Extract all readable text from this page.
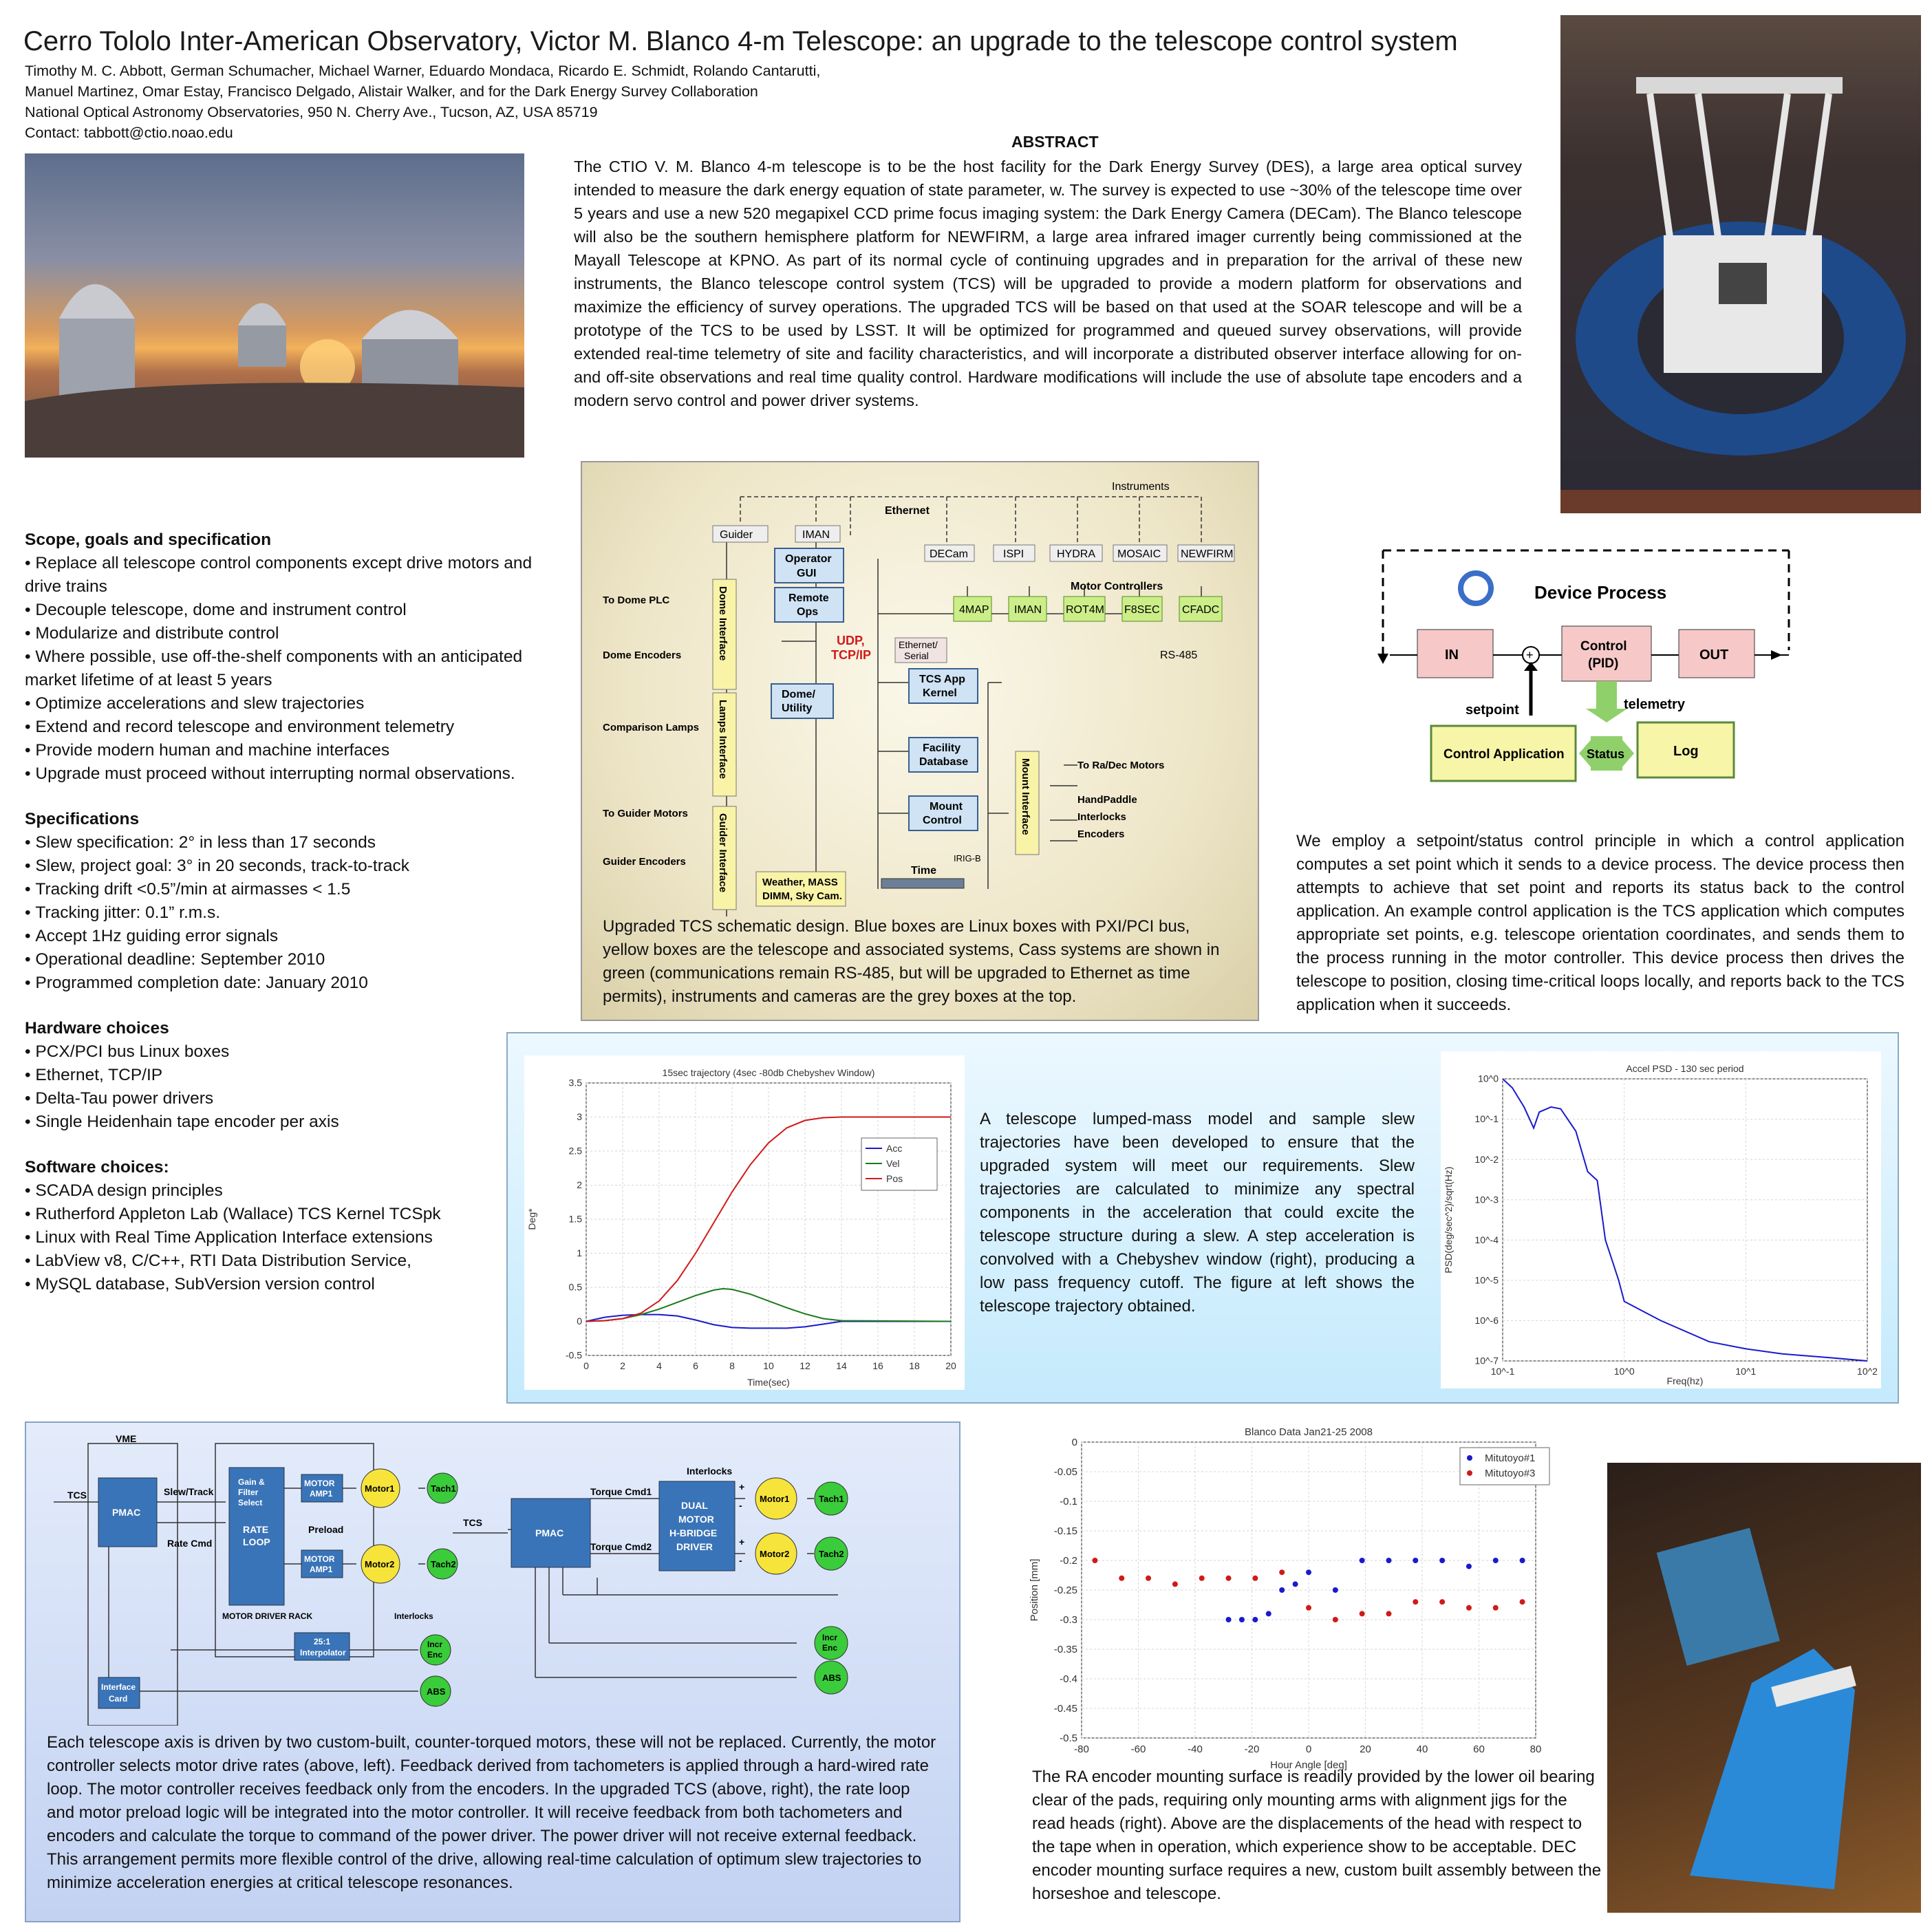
Cerro Tololo Inter-American Observatory, Victor M. Blanco 4-m Telescope: an upgrade to the telescope control system
Timothy M. C. Abbott, German Schumacher, Michael Warner, Eduardo Mondaca, Ricardo E. Schmidt, Rolando Cantarutti,
Manuel Martinez, Omar Estay, Francisco Delgado, Alistair Walker, and for the Dark Energy Survey Collaboration
National Optical Astronomy Observatories, 950 N. Cherry Ave., Tucson, AZ, USA 85719
Contact: tabbott@ctio.noao.edu	ABSTRACT
The CTIO V. M. Blanco 4-m telescope is to be the host facility for the Dark Energy Survey (DES), a large area optical survey intended to measure the dark energy equation of state parameter, w. The survey is expected to use ~30% of the telescope time over 5 years and use a new 520 megapixel CCD prime focus imaging system: the Dark Energy Camera (DECam). The Blanco telescope will also be the southern hemisphere platform for NEWFIRM, a large area infrared imager currently being commissioned at the Mayall Telescope at KPNO. As part of its normal cycle of continuing upgrades and in preparation for the arrival of these new instruments, the Blanco telescope control system (TCS) will be upgraded to provide a modern platform for observations and maximize the efficiency of survey operations. The upgraded TCS will be based on that used at the SOAR telescope and will be a prototype of the TCS to be used by LSST. It will be optimized for programmed and queued survey observations, will provide extended real-time telemetry of site and facility characteristics, and will incorporate a distributed observer interface allowing for on- and off-site observations and real time quality control. Hardware modifications will include the use of absolute tape encoders and a modern servo control and power driver systems.
Scope, goals and specification
• Replace all telescope control components except drive motors and drive trains
• Decouple telescope, dome and instrument control
• Modularize and distribute control
• Where possible, use off-the-shelf components with an anticipated market lifetime of at least 5 years
• Optimize accelerations and slew trajectories
• Extend and record telescope and environment telemetry
• Provide modern human and machine interfaces
• Upgrade must proceed without interrupting normal observations.
Specifications
• Slew specification: 2° in less than 17 seconds
• Slew, project goal: 3° in 20 seconds, track-to-track
• Tracking drift <0.5”/min at airmasses < 1.5
• Tracking jitter: 0.1” r.m.s.
• Accept 1Hz guiding error signals
• Operational deadline: September 2010
• Programmed completion date: January 2010
Hardware choices
• PCX/PCI bus Linux boxes
• Ethernet, TCP/IP
• Delta-Tau power drivers
• Single Heidenhain tape encoder per axis
Software choices:
• SCADA design principles
• Rutherford Appleton Lab (Wallace) TCS Kernel TCSpk
• Linux with Real Time Application Interface extensions
• LabView v8, C/C++, RTI Data Distribution Service,
• MySQL database, SubVersion version control
Instruments
Ethernet
Guider	IMAN
Operator
GUI
Remote
Ops
UDP,
TCP/IP
Dome/
Utility
TCS App
Kernel
Facility
Database
Mount
Control
Time
IRIG-B
Weather, MASS
DIMM, Sky Cam.
DECam	ISPI	HYDRA MOSAIC NEWFIRM
Motor Controllers
4MAP IMAN ROT4M F8SEC CFADC
Ethernet/
Serial	RS-485
Dome Interface
Lamps Interface
Guider Interface
Mount Interface
To Dome PLC
Dome Encoders
Comparison Lamps
To Guider Motors
Guider Encoders
To Ra/Dec Motors
HandPaddle
Interlocks
Encoders
Upgraded TCS schematic design. Blue boxes are Linux boxes with PXI/PCI bus, yellow boxes are the telescope and associated systems, Cass systems are shown in green (communications remain RS-485, but will be upgraded to Ethernet as time permits), instruments and cameras are the grey boxes at the top.
Device Process
IN	+
Control
(PID)
OUT
setpoint	telemetry
Control Application Status	Log
We employ a setpoint/status control principle in which a control application computes a set point which it sends to a device process. The device process then attempts to achieve that set point and reports its status back to the control application. An example control application is the TCS application which computes appropriate set points, e.g. telescope orientation coordinates, and sends them to the process running in the motor controller. This device process then drives the telescope to position, closing time-critical loops locally, and reports back to the TCS application when it succeeds.
15sec trajectory (4sec -80db Chebyshev Window)
Time(sec)
Deg*
0	2	4	6	8	10	12	14	16	18	20
-0.5
0
0.5
1
1.5
2
2.5
3
3.5
Acc
Vel
Pos
A telescope lumped-mass model and sample slew trajectories have been developed to ensure that the upgraded system will meet our requirements. Slew trajectories are calculated to minimize any spectral components in the acceleration that could excite the telescope structure during a slew. A step acceleration is convolved with a Chebyshev window (right), producing a low pass frequency cutoff. The figure at left shows the telescope trajectory obtained.
Accel PSD - 130 sec period
Freq(hz)
PSD(deg/sec^2)/sqrt(Hz)
10^-1	10^0	10^1	10^2
10^0
10^-1
10^-2
10^-3
10^-4
10^-5
10^-6
10^-7
VME
Slew/Track
TCS
PMAC
Rate Cmd
Gain &
Filter
Select
RATE
LOOP
MOTOR
AMP1
Preload
MOTOR
AMP1
Motor1
Motor2
Tach1
Tach2
MOTOR DRIVER RACK	Interlocks
25:1
Interpolator
Incr
Enc
ABS
Interface
Card
Interlocks
TCS
PMAC
Torque Cmd1
Torque Cmd2
DUAL
MOTOR
H-BRIDGE
DRIVER
+
-
+
-
Motor1
Motor2
Tach1
Tach2
Incr
Enc
ABS
Each telescope axis is driven by two custom-built, counter-torqued motors, these will not be replaced. Currently, the motor controller selects motor drive rates (above, left). Feedback derived from tachometers is applied through a hard-wired rate loop. The motor controller receives feedback only from the encoders. In the upgraded TCS (above, right), the rate loop and motor preload logic will be integrated into the motor controller. It will receive feedback from both tachometers and encoders and calculate the torque to command of the power driver. The power driver will not receive external feedback. This arrangement permits more flexible control of the drive, allowing real-time calculation of optimum slew trajectories to minimize acceleration energies at critical telescope resonances.
Blanco Data Jan21-25 2008
Hour Angle [deg]
Position [mm]
-80	-60	-40	-20	0	20	40	60	80
0
-0.05
-0.1
-0.15
-0.2
-0.25
-0.3
-0.35
-0.4
-0.45
-0.5
Mitutoyo#1
Mitutoyo#3
The RA encoder mounting surface is readily provided by the lower oil bearing clear of the pads, requiring only mounting arms with alignment jigs for the read heads (right). Above are the displacements of the head with respect to the tape when in operation, which experience show to be acceptable. DEC encoder mounting surface requires a new, custom built assembly between the horseshoe and telescope.
